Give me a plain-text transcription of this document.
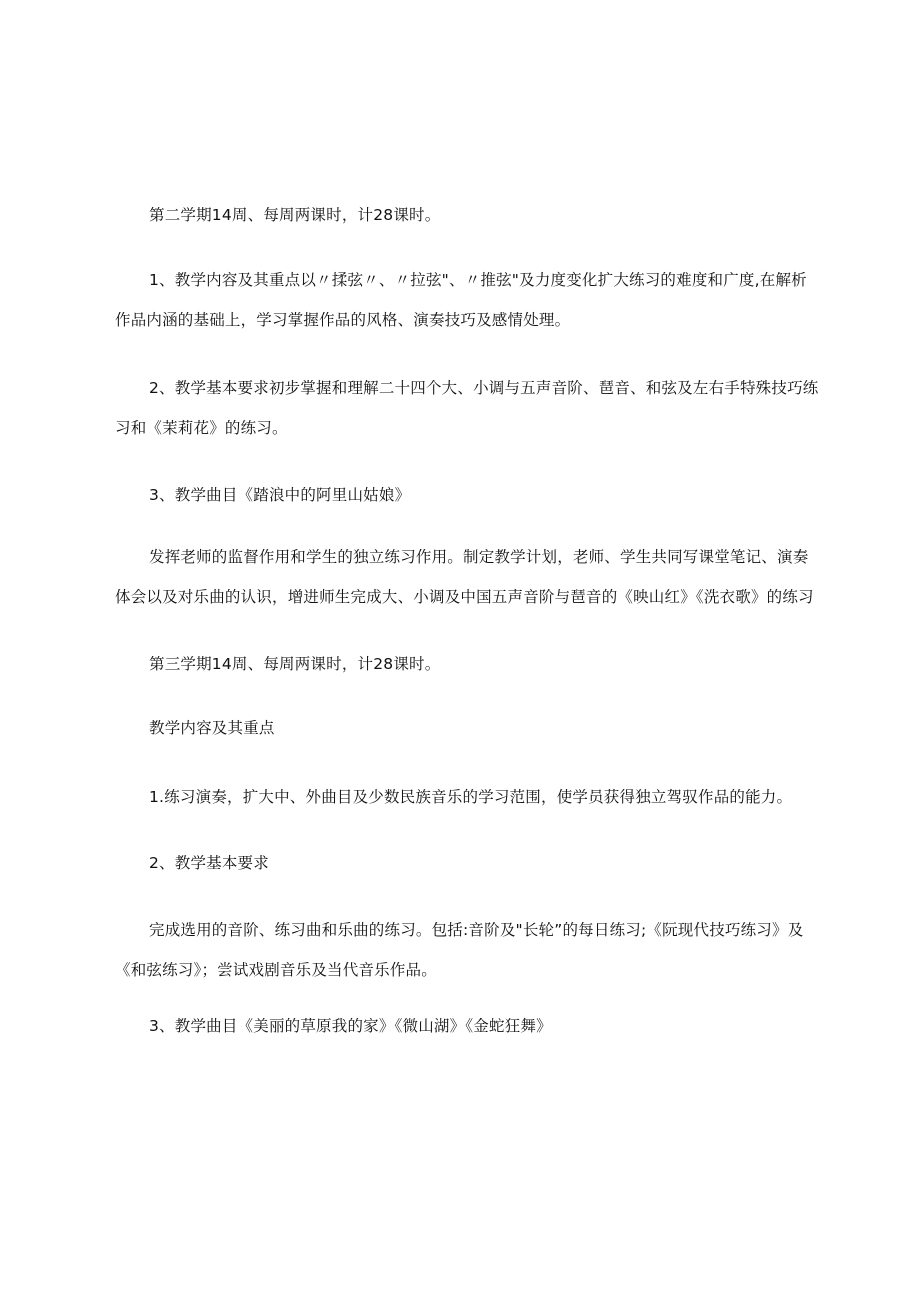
第二学期14周、每周两课时，计28课时。

1、教学内容及其重点以〃揉弦〃、〃拉弦"、〃推弦"及力度变化扩大练习的难度和广度,在解析
作品内涵的基础上，学习掌握作品的风格、演奏技巧及感情处理。

2、教学基本要求初步掌握和理解二十四个大、小调与五声音阶、琶音、和弦及左右手特殊技巧练
习和《茉莉花》的练习。

3、教学曲目《踏浪中的阿里山姑娘》

发挥老师的监督作用和学生的独立练习作用。制定教学计划，老师、学生共同写课堂笔记、演奏
体会以及对乐曲的认识，增进师生完成大、小调及中国五声音阶与琶音的《映山红》《洗衣歌》的练习

第三学期14周、每周两课时，计28课时。

教学内容及其重点

1.练习演奏，扩大中、外曲目及少数民族音乐的学习范围，使学员获得独立驾驭作品的能力。

2、教学基本要求

完成选用的音阶、练习曲和乐曲的练习。包括:音阶及"长轮”的每日练习;《阮现代技巧练习》及
《和弦练习》；尝试戏剧音乐及当代音乐作品。

3、教学曲目《美丽的草原我的家》《微山湖》《金蛇狂舞》
